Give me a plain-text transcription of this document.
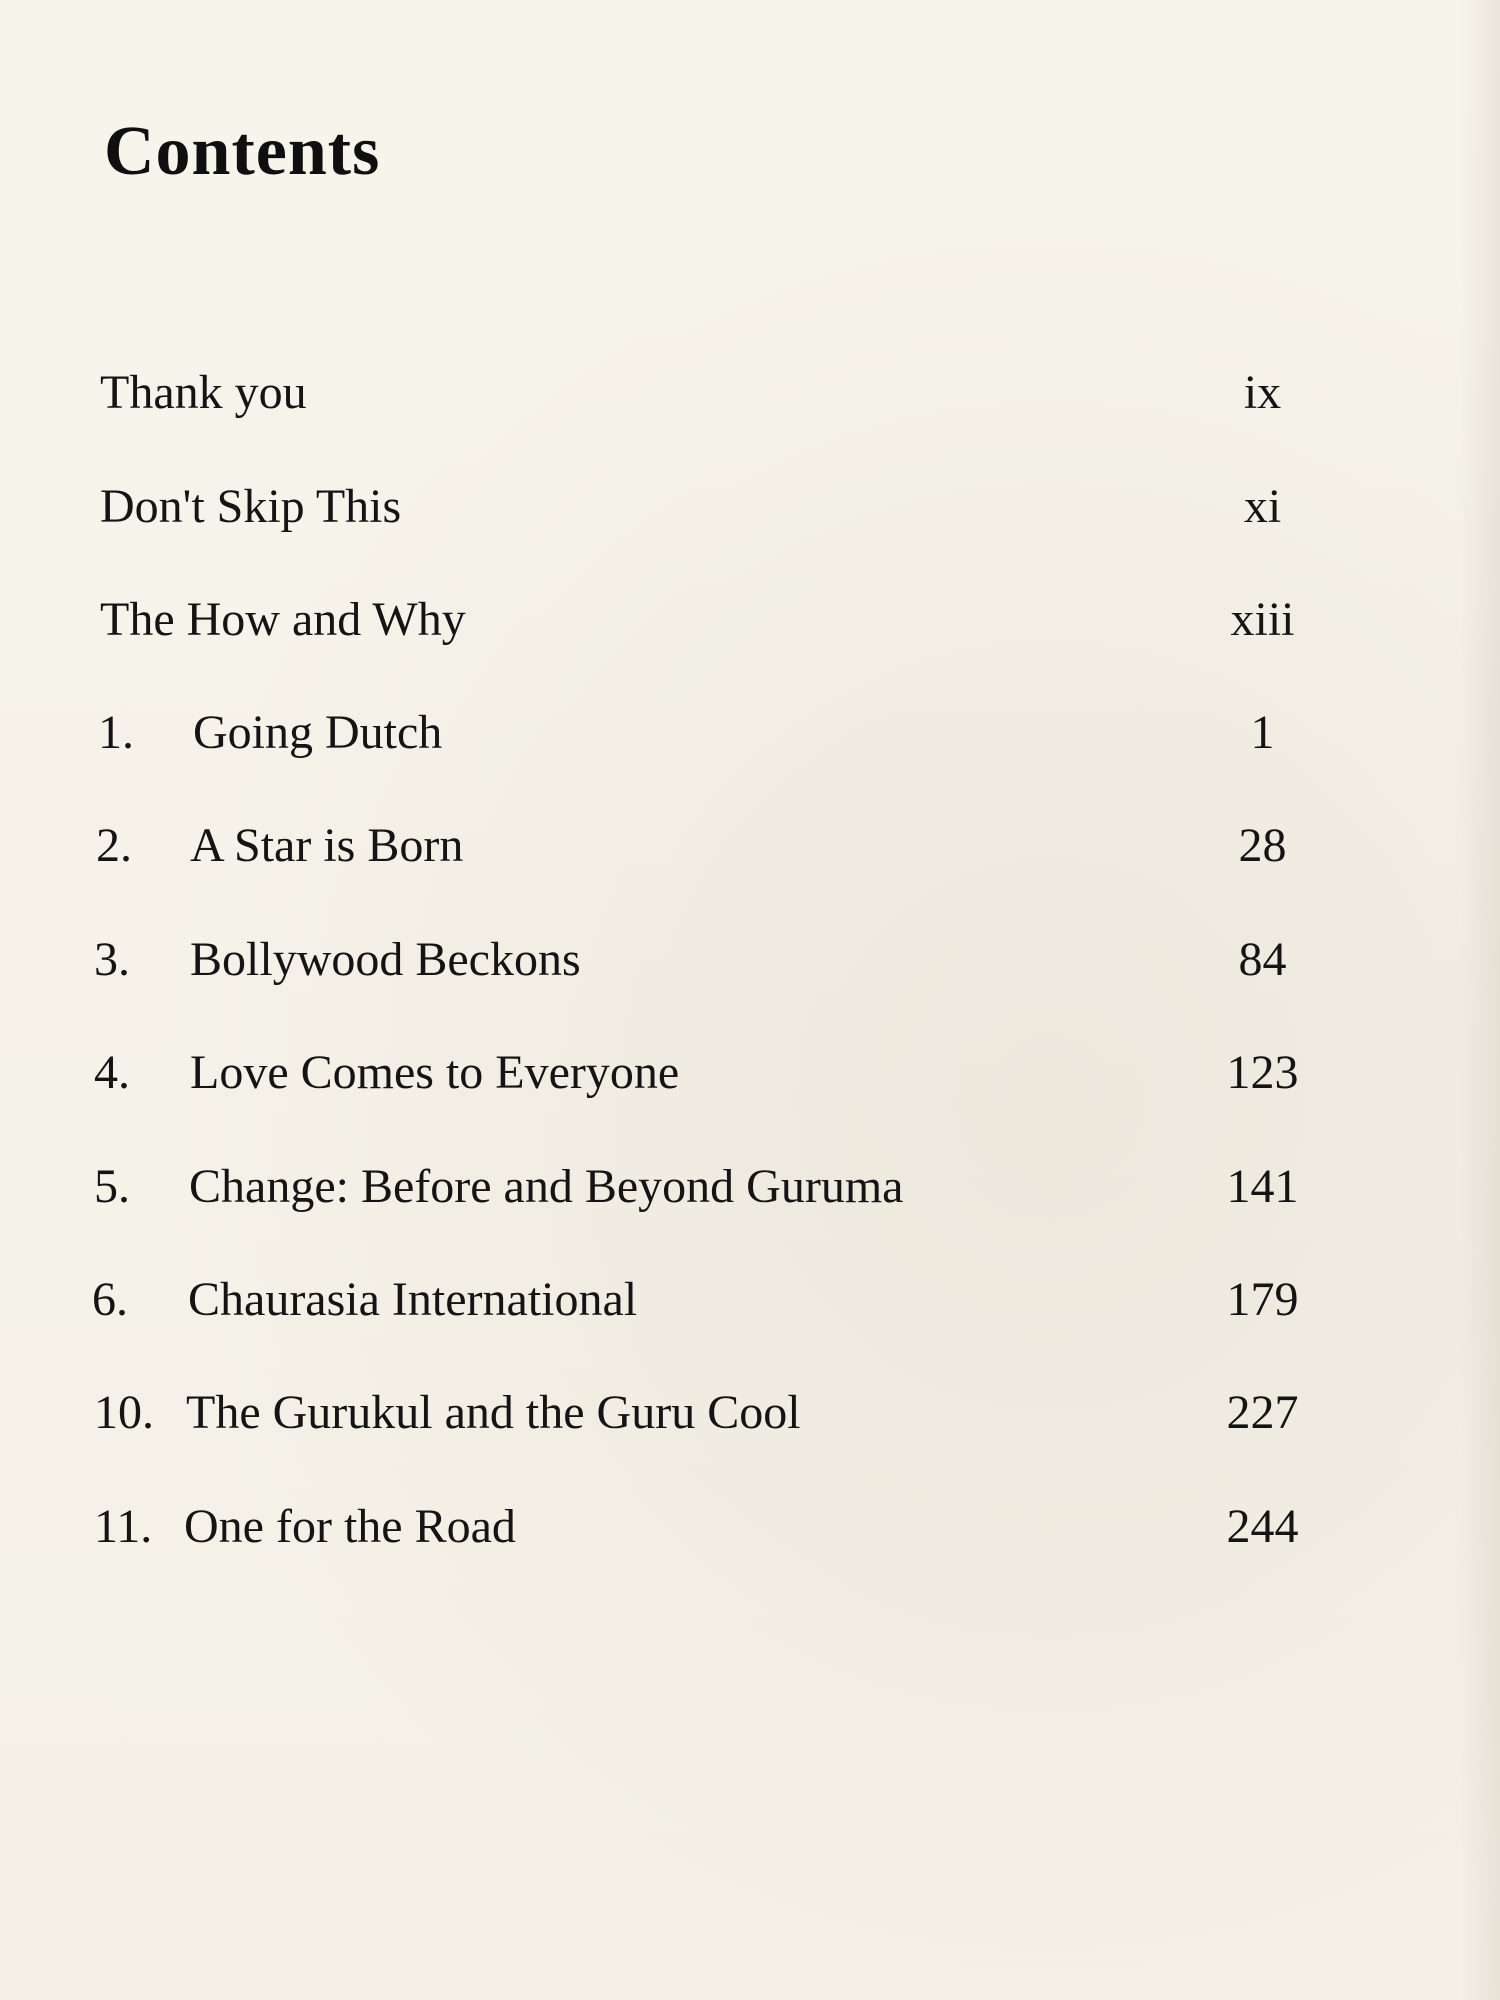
Contents
Thank you	ix
Don't Skip This	xi
The How and Why	xiii
1. Going Dutch	1
2. A Star is Born	28
3. Bollywood Beckons	84
4. Love Comes to Everyone	123
5. Change: Before and Beyond Guruma	141
6. Chaurasia International	179
10. The Gurukul and the Guru Cool	227
11. One for the Road	244
